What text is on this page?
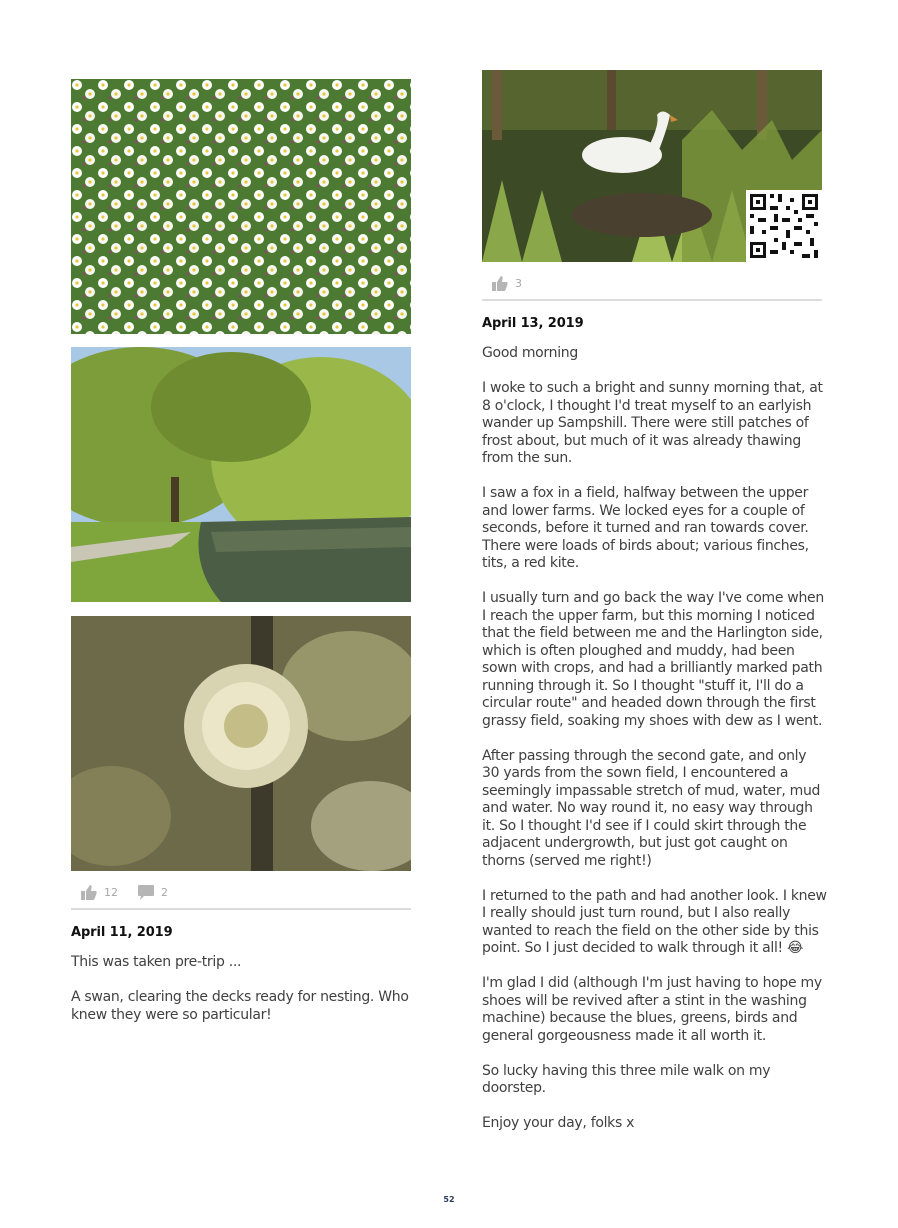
12	2
April 11, 2019

This was taken pre-trip ...

A swan, clearing the decks ready for nesting. Who knew they were so particular!

3
April 13, 2019

Good morning

I woke to such a bright and sunny morning that, at 8 o'clock, I thought I'd treat myself to an earlyish wander up Sampshill. There were still patches of frost about, but much of it was already thawing from the sun.

I saw a fox in a field, halfway between the upper and lower farms. We locked eyes for a couple of seconds, before it turned and ran towards cover. There were loads of birds about; various finches, tits, a red kite.

I usually turn and go back the way I've come when I reach the upper farm, but this morning I noticed that the field between me and the Harlington side, which is often ploughed and muddy, had been sown with crops, and had a brilliantly marked path running through it. So I thought "stuff it, I'll do a circular route" and headed down through the first grassy field, soaking my shoes with dew as I went.

After passing through the second gate, and only 30 yards from the sown field, I encountered a seemingly impassable stretch of mud, water, mud and water. No way round it, no easy way through it. So I thought I'd see if I could skirt through the adjacent undergrowth, but just got caught on thorns (served me right!)

I returned to the path and had another look. I knew I really should just turn round, but I also really wanted to reach the field on the other side by this point. So I just decided to walk through it all! 😂

I'm glad I did (although I'm just having to hope my shoes will be revived after a stint in the washing machine) because the blues, greens, birds and general gorgeousness made it all worth it.

So lucky having this three mile walk on my doorstep.

Enjoy your day, folks x

52
